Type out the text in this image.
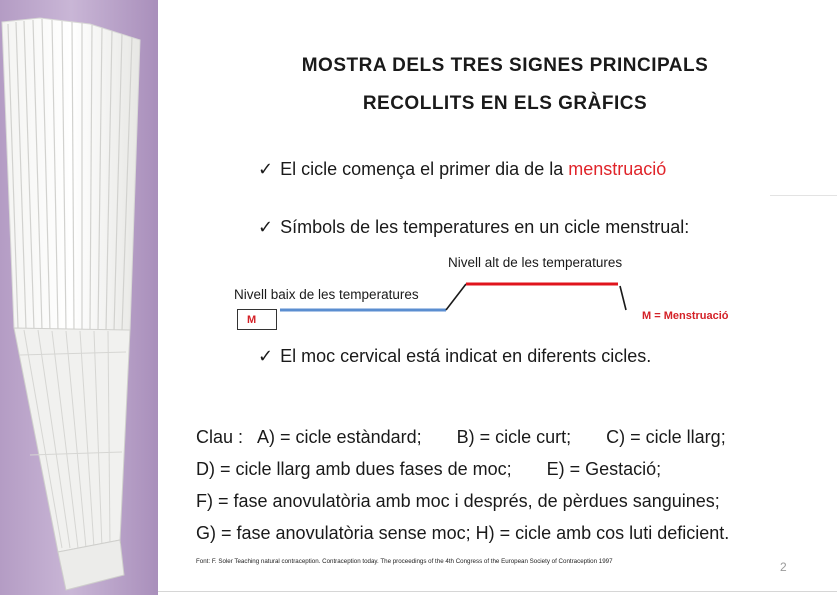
MOSTRA DELS TRES SIGNES PRINCIPALS
RECOLLITS EN ELS GRÀFICS
✓ El cicle comença el primer dia de la menstruació
✓ Símbols de les temperatures en un cicle menstrual:
Nivell alt de les temperatures
Nivell baix de les temperatures
M	M = Menstruació
✓ El moc cervical está indicat en diferents cicles.
Clau :   A) = cicle estàndard;       B) = cicle curt;       C) = cicle llarg;
D) = cicle llarg amb dues fases de moc;       E) = Gestació;
F) = fase anovulatòria amb moc i després, de pèrdues sanguines;
G) = fase anovulatòria sense moc; H) = cicle amb cos luti deficient.
Font: F. Soler Teaching natural contraception. Contraception today. The proceedings of the 4th Congress of the European Society of Contraception 1997	2
